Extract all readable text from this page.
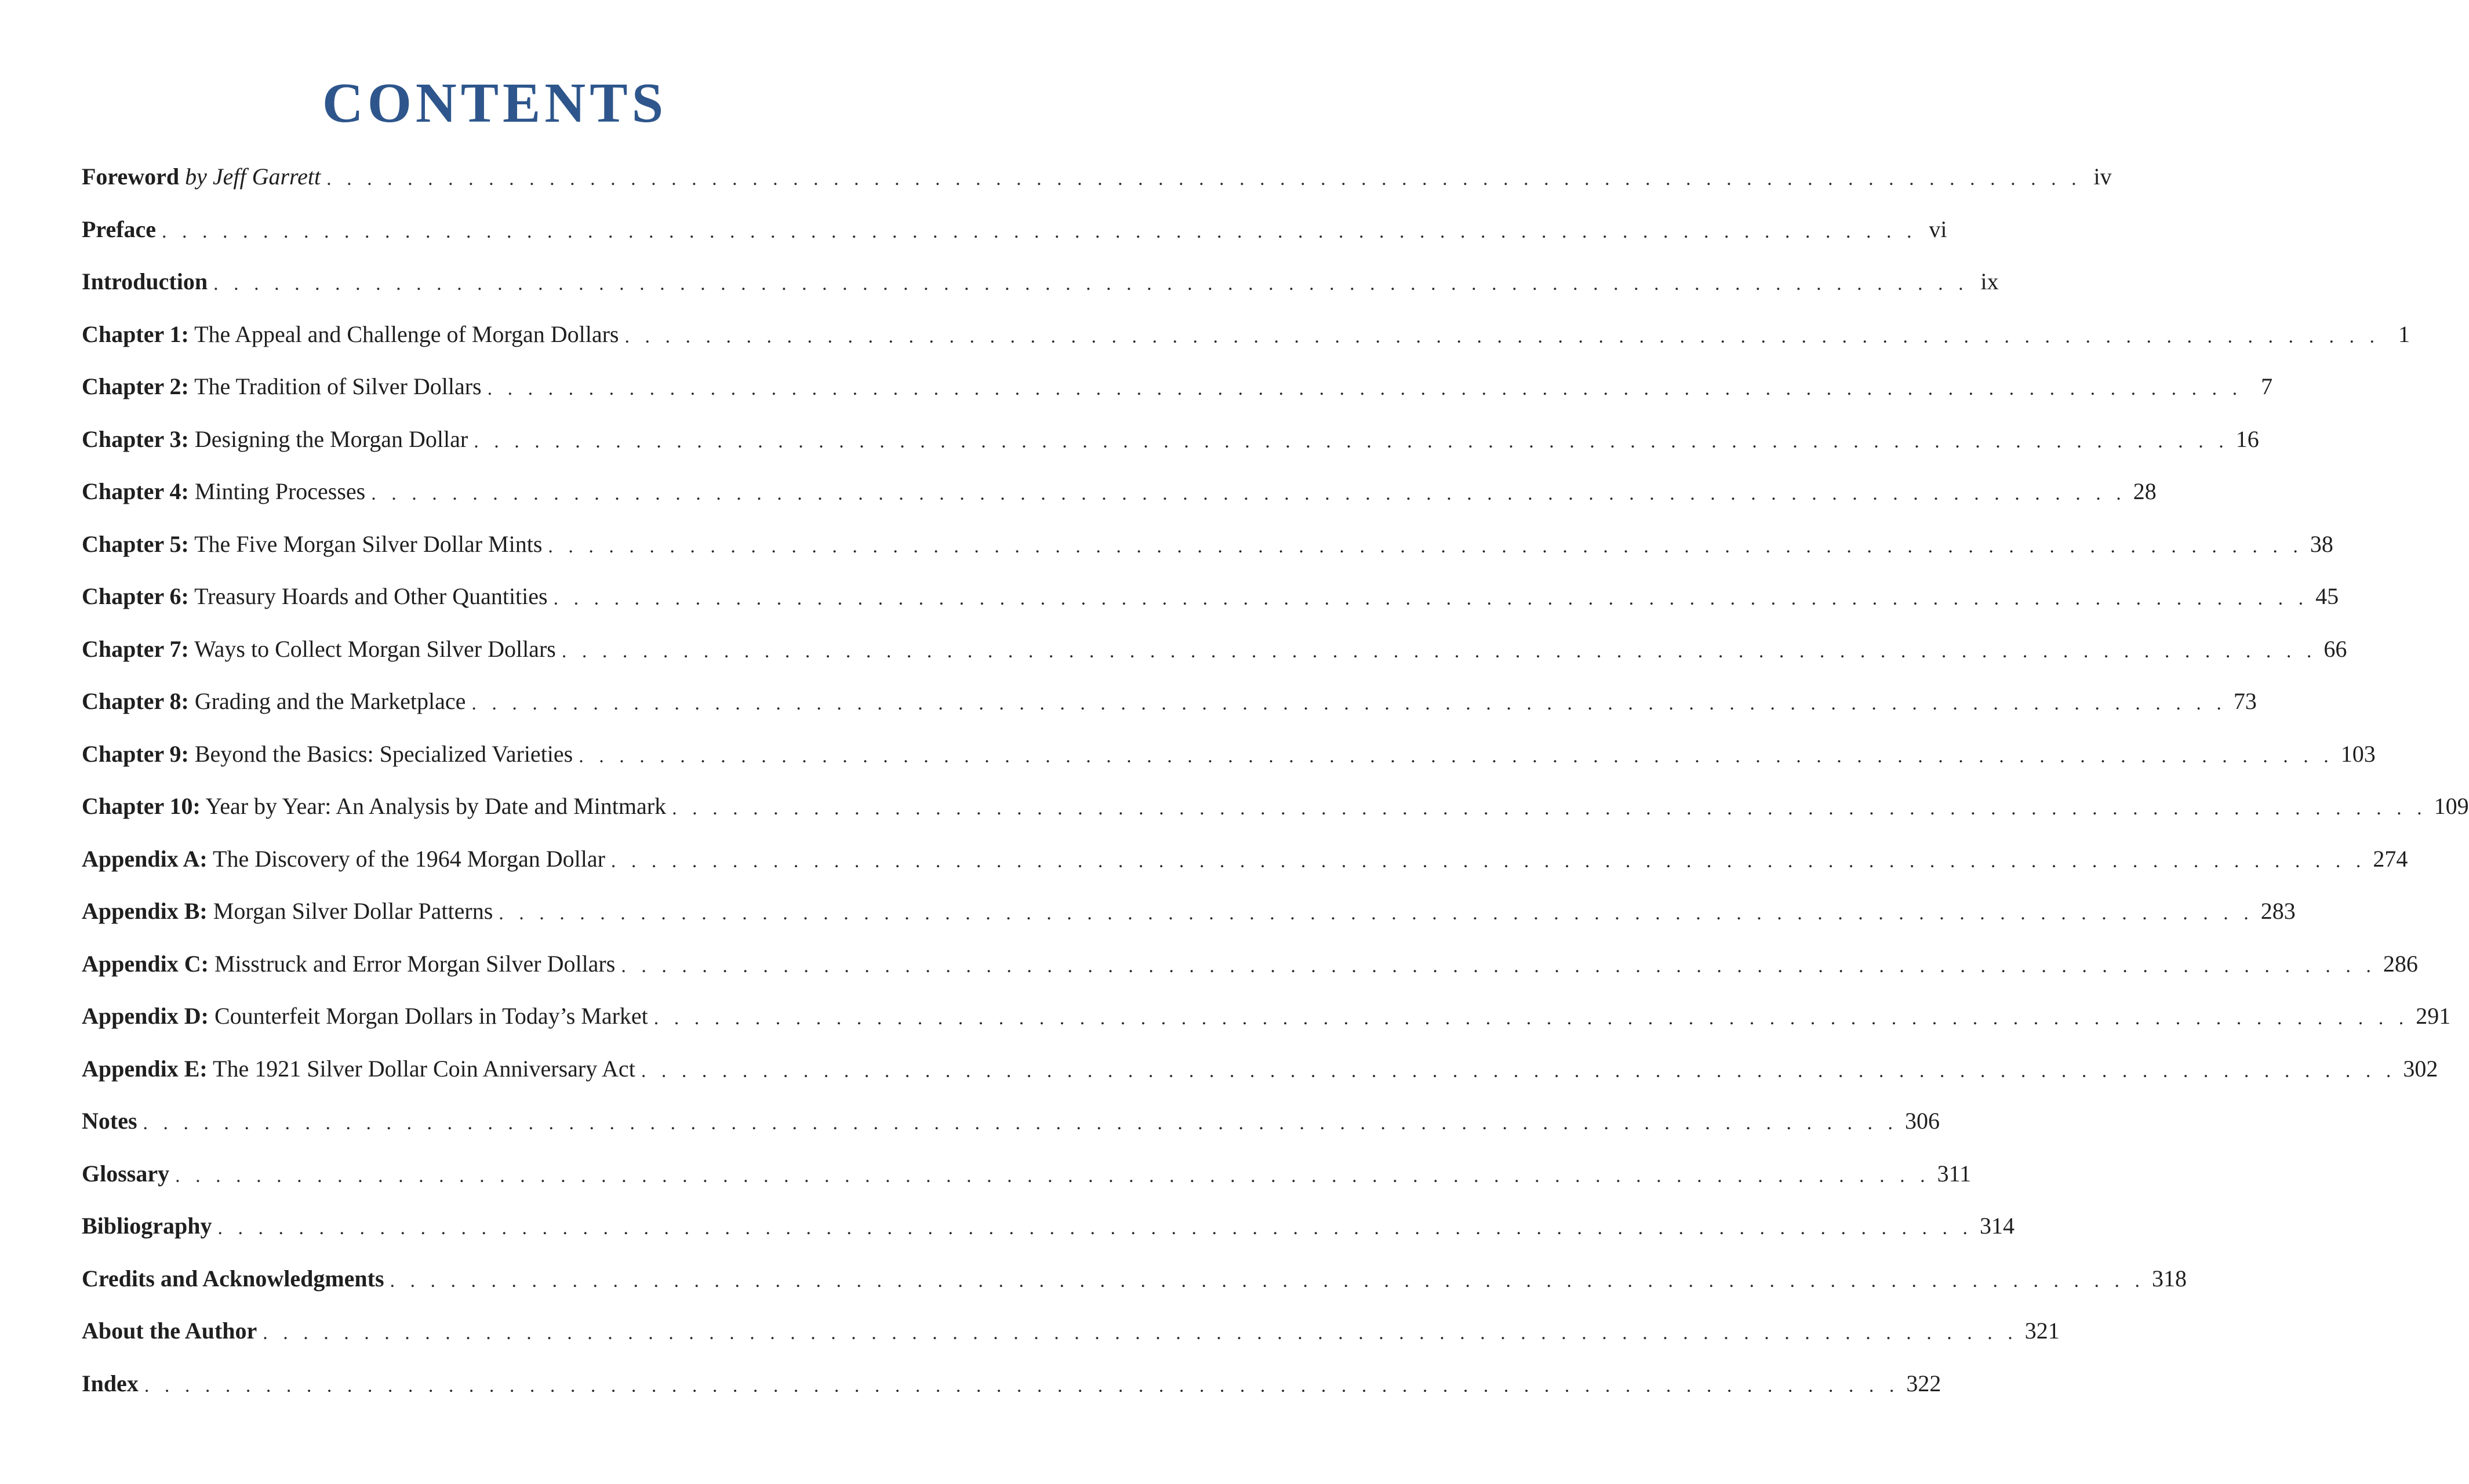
CONTENTS
Foreword by Jeff Garrett . . . . . . . . . . . . . . . . . . . . . . . . . . . . . . . . . . . . . . . . . . . . . . . . . . . . . . . . . . . . . . . . . . . . . . . . . . . . . . . . . . . . . . . iv
Preface . . . . . . . . . . . . . . . . . . . . . . . . . . . . . . . . . . . . . . . . . . . . . . . . . . . . . . . . . . . . . . . . . . . . . . . . . . . . . . . . . . . . . . . vi
Introduction . . . . . . . . . . . . . . . . . . . . . . . . . . . . . . . . . . . . . . . . . . . . . . . . . . . . . . . . . . . . . . . . . . . . . . . . . . . . . . . . . . . . . . . ix
Chapter 1: The Appeal and Challenge of Morgan Dollars . . . . . . . . . . . . . . . . . . . . . . . . . . . . . . . . . . . . . . . . . . . . . . . . . . . . . . . . . . . . . . . . . . . . . . . . . . . . . . . . . . . . . . . 1
Chapter 2: The Tradition of Silver Dollars . . . . . . . . . . . . . . . . . . . . . . . . . . . . . . . . . . . . . . . . . . . . . . . . . . . . . . . . . . . . . . . . . . . . . . . . . . . . . . . . . . . . . . . 7
Chapter 3: Designing the Morgan Dollar . . . . . . . . . . . . . . . . . . . . . . . . . . . . . . . . . . . . . . . . . . . . . . . . . . . . . . . . . . . . . . . . . . . . . . . . . . . . . . . . . . . . . . . 16
Chapter 4: Minting Processes . . . . . . . . . . . . . . . . . . . . . . . . . . . . . . . . . . . . . . . . . . . . . . . . . . . . . . . . . . . . . . . . . . . . . . . . . . . . . . . . . . . . . . . 28
Chapter 5: The Five Morgan Silver Dollar Mints . . . . . . . . . . . . . . . . . . . . . . . . . . . . . . . . . . . . . . . . . . . . . . . . . . . . . . . . . . . . . . . . . . . . . . . . . . . . . . . . . . . . . . . 38
Chapter 6: Treasury Hoards and Other Quantities . . . . . . . . . . . . . . . . . . . . . . . . . . . . . . . . . . . . . . . . . . . . . . . . . . . . . . . . . . . . . . . . . . . . . . . . . . . . . . . . . . . . . . . 45
Chapter 7: Ways to Collect Morgan Silver Dollars . . . . . . . . . . . . . . . . . . . . . . . . . . . . . . . . . . . . . . . . . . . . . . . . . . . . . . . . . . . . . . . . . . . . . . . . . . . . . . . . . . . . . . . 66
Chapter 8: Grading and the Marketplace . . . . . . . . . . . . . . . . . . . . . . . . . . . . . . . . . . . . . . . . . . . . . . . . . . . . . . . . . . . . . . . . . . . . . . . . . . . . . . . . . . . . . . . 73
Chapter 9: Beyond the Basics: Specialized Varieties . . . . . . . . . . . . . . . . . . . . . . . . . . . . . . . . . . . . . . . . . . . . . . . . . . . . . . . . . . . . . . . . . . . . . . . . . . . . . . . . . . . . . . . 103
Chapter 10: Year by Year: An Analysis by Date and Mintmark . . . . . . . . . . . . . . . . . . . . . . . . . . . . . . . . . . . . . . . . . . . . . . . . . . . . . . . . . . . . . . . . . . . . . . . . . . . . . . . . . . . . . . . 109
Appendix A: The Discovery of the 1964 Morgan Dollar . . . . . . . . . . . . . . . . . . . . . . . . . . . . . . . . . . . . . . . . . . . . . . . . . . . . . . . . . . . . . . . . . . . . . . . . . . . . . . . . . . . . . . . 274
Appendix B: Morgan Silver Dollar Patterns . . . . . . . . . . . . . . . . . . . . . . . . . . . . . . . . . . . . . . . . . . . . . . . . . . . . . . . . . . . . . . . . . . . . . . . . . . . . . . . . . . . . . . . 283
Appendix C: Misstruck and Error Morgan Silver Dollars . . . . . . . . . . . . . . . . . . . . . . . . . . . . . . . . . . . . . . . . . . . . . . . . . . . . . . . . . . . . . . . . . . . . . . . . . . . . . . . . . . . . . . . 286
Appendix D: Counterfeit Morgan Dollars in Today’s Market . . . . . . . . . . . . . . . . . . . . . . . . . . . . . . . . . . . . . . . . . . . . . . . . . . . . . . . . . . . . . . . . . . . . . . . . . . . . . . . . . . . . . . . 291
Appendix E: The 1921 Silver Dollar Coin Anniversary Act . . . . . . . . . . . . . . . . . . . . . . . . . . . . . . . . . . . . . . . . . . . . . . . . . . . . . . . . . . . . . . . . . . . . . . . . . . . . . . . . . . . . . . . 302
Notes . . . . . . . . . . . . . . . . . . . . . . . . . . . . . . . . . . . . . . . . . . . . . . . . . . . . . . . . . . . . . . . . . . . . . . . . . . . . . . . . . . . . . . . 306
Glossary . . . . . . . . . . . . . . . . . . . . . . . . . . . . . . . . . . . . . . . . . . . . . . . . . . . . . . . . . . . . . . . . . . . . . . . . . . . . . . . . . . . . . . . 311
Bibliography . . . . . . . . . . . . . . . . . . . . . . . . . . . . . . . . . . . . . . . . . . . . . . . . . . . . . . . . . . . . . . . . . . . . . . . . . . . . . . . . . . . . . . . 314
Credits and Acknowledgments . . . . . . . . . . . . . . . . . . . . . . . . . . . . . . . . . . . . . . . . . . . . . . . . . . . . . . . . . . . . . . . . . . . . . . . . . . . . . . . . . . . . . . . 318
About the Author . . . . . . . . . . . . . . . . . . . . . . . . . . . . . . . . . . . . . . . . . . . . . . . . . . . . . . . . . . . . . . . . . . . . . . . . . . . . . . . . . . . . . . . 321
Index . . . . . . . . . . . . . . . . . . . . . . . . . . . . . . . . . . . . . . . . . . . . . . . . . . . . . . . . . . . . . . . . . . . . . . . . . . . . . . . . . . . . . . . 322
